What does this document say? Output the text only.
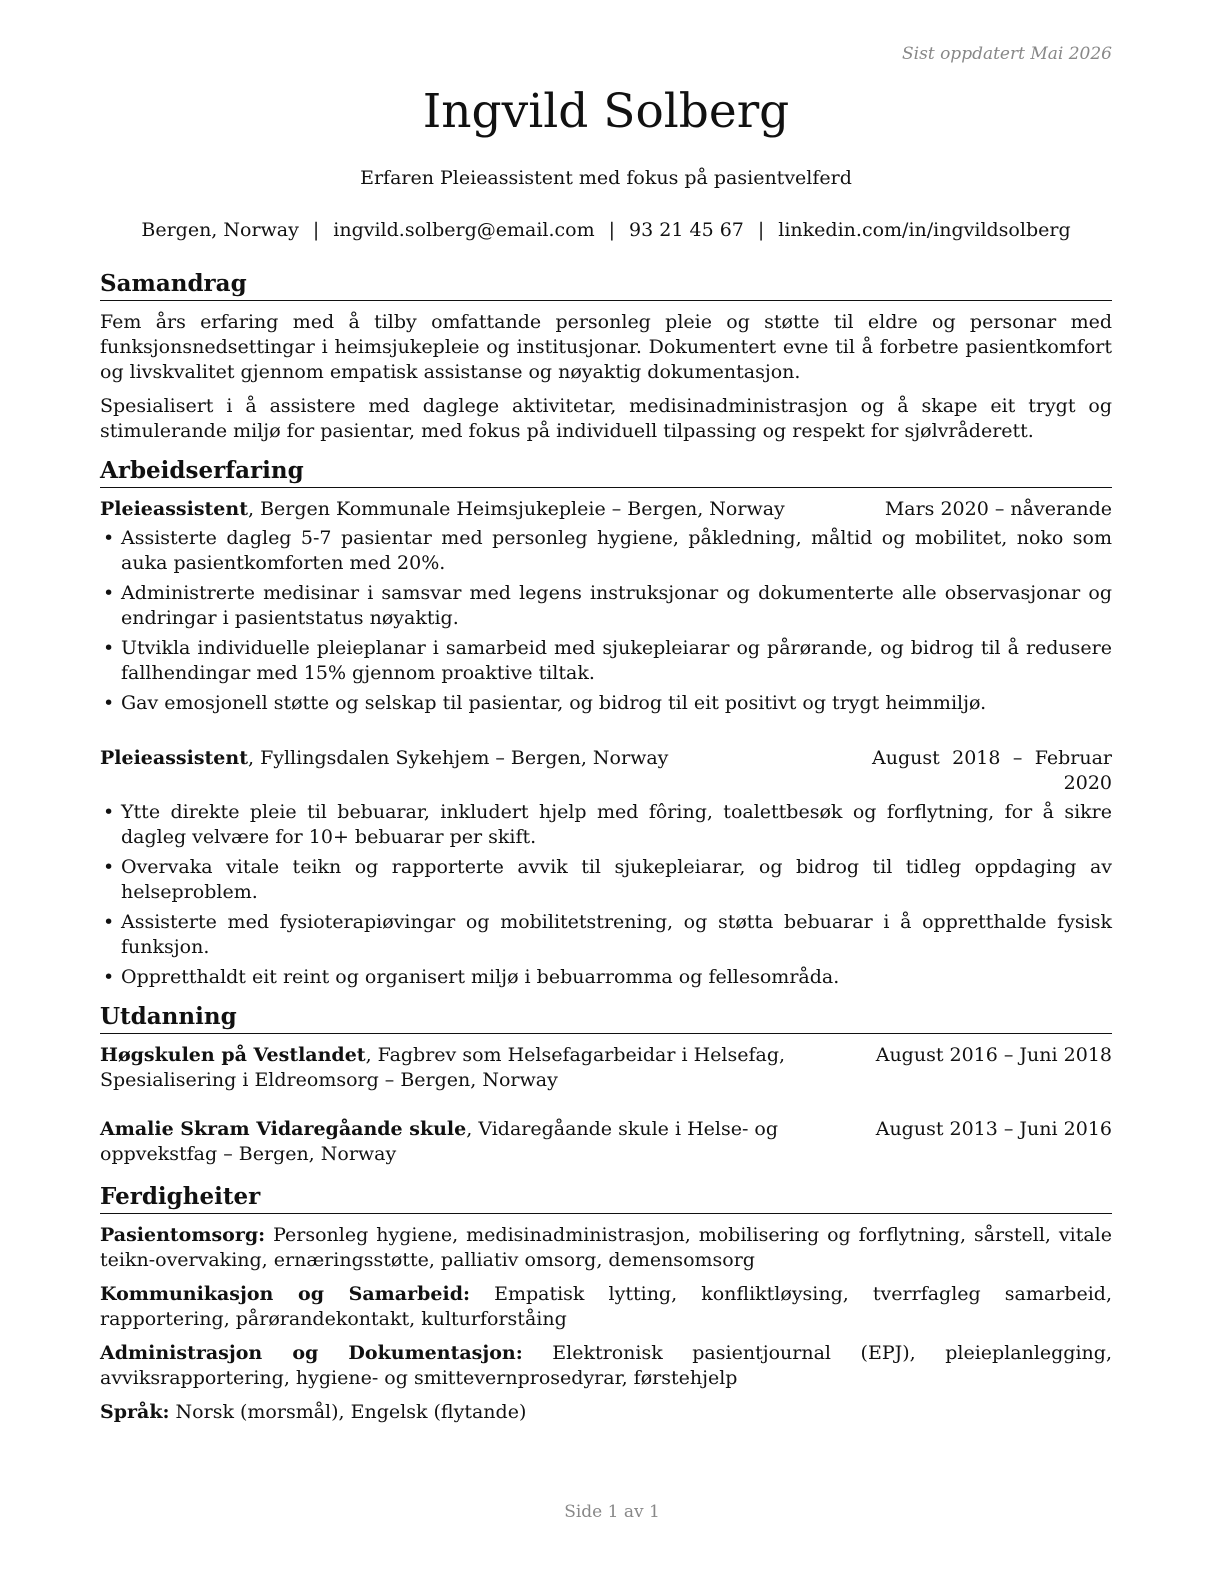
Sist oppdatert Mai 2026
Ingvild Solberg
Erfaren Pleieassistent med fokus på pasientvelferd
Bergen, Norway | ingvild.solberg@email.com | 93 21 45 67 | linkedin.com/in/ingvildsolberg
Samandrag

Fem års erfaring med å tilby omfattande personleg pleie og støtte til eldre og personar med funksjonsnedsettingar i heimsjukepleie og institusjonar. Dokumentert evne til å forbetre pasientkomfort og livskvalitet gjennom empatisk assistanse og nøyaktig dokumentasjon.

Spesialisert i å assistere med daglege aktivitetar, medisinadministrasjon og å skape eit trygt og stimulerande miljø for pasientar, med fokus på individuell tilpassing og respekt for sjølvråderett.

Arbeidserfaring
Pleieassistent, Bergen Kommunale Heimsjukepleie – Bergen, Norway	Mars 2020 – nåverande
• Assisterte dagleg 5-7 pasientar med personleg hygiene, påkledning, måltid og mobilitet, noko som auka pasientkomforten med 20%.
• Administrerte medisinar i samsvar med legens instruksjonar og dokumenterte alle observasjonar og endringar i pasientstatus nøyaktig.
• Utvikla individuelle pleieplanar i samarbeid med sjukepleiarar og pårørande, og bidrog til å redusere fallhendingar med 15% gjennom proaktive tiltak.
• Gav emosjonell støtte og selskap til pasientar, og bidrog til eit positivt og trygt heimmiljø.
Pleieassistent, Fyllingsdalen Sykehjem – Bergen, Norway	August 2018 – Februar 2020
• Ytte direkte pleie til bebuarar, inkludert hjelp med fôring, toalettbesøk og forflytning, for å sikre dagleg velvære for 10+ bebuarar per skift.
• Overvaka vitale teikn og rapporterte avvik til sjukepleiarar, og bidrog til tidleg oppdaging av helseproblem.
• Assisterte med fysioterapiøvingar og mobilitetstrening, og støtta bebuarar i å oppretthalde fysisk funksjon.
• Oppretthaldt eit reint og organisert miljø i bebuarromma og fellesområda.
Utdanning
Høgskulen på Vestlandet, Fagbrev som Helsefagarbeidar i Helsefag, Spesialisering i Eldreomsorg – Bergen, Norway
August 2016 – Juni 2018
Amalie Skram Vidaregåande skule, Vidaregåande skule i Helse- og oppvekstfag – Bergen, Norway
August 2013 – Juni 2016
Ferdigheiter

Pasientomsorg: Personleg hygiene, medisinadministrasjon, mobilisering og forflytning, sårstell, vitale teikn-overvaking, ernæringsstøtte, palliativ omsorg, demensomsorg

Kommunikasjon og Samarbeid: Empatisk lytting, konfliktløysing, tverrfagleg samarbeid, rapportering, pårørandekontakt, kulturforståing

Administrasjon og Dokumentasjon: Elektronisk pasientjournal (EPJ), pleieplanlegging, avviksrapportering, hygiene- og smittevernprosedyrar, førstehjelp

Språk: Norsk (morsmål), Engelsk (flytande)

Side 1 av 1
